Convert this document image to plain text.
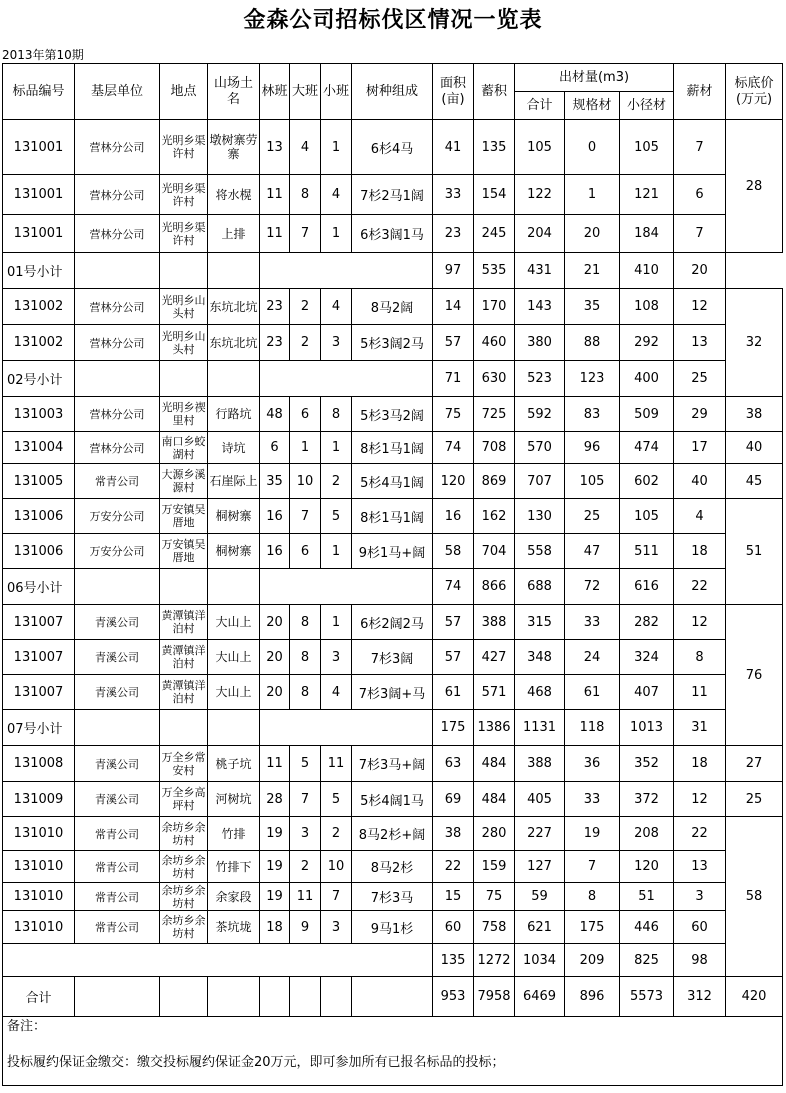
金森公司招标伐区情况一览表
2013年第10期
标品编号	基层单位	地点	山场土名	林班	大班	小班	树种组成	面积(亩)	蓄积	出材量(m3)			薪材	标底价(万元)
										合计	规格材	小径材		
131001	营林分公司	光明乡渠许村	墩树寨劳寨	13	4	1	6杉4马	41	135	105	0	105	7	28
131001	营林分公司	光明乡渠许村	将水榥	11	8	4	7杉2马1阔	33	154	122	1	121	6	
131001	营林分公司	光明乡渠许村	上排	11	7	1	6杉3阔1马	23	245	204	20	184	7	
01号小计								97	535	431	21	410	20	
131002	营林分公司	光明乡山头村	东坑北坑	23	2	4	8马2阔	14	170	143	35	108	12	32
131002	营林分公司	光明乡山头村	东坑北坑	23	2	3	5杉3阔2马	57	460	380	88	292	13	
02号小计								71	630	523	123	400	25	
131003	营林分公司	光明乡禊里村	行路坑	48	6	8	5杉3马2阔	75	725	592	83	509	29	38
131004	营林分公司	南口乡蛟湖村	诗坑	6	1	1	8杉1马1阔	74	708	570	96	474	17	40
131005	常青公司	大源乡溪源村	石崖际上	35	10	2	5杉4马1阔	120	869	707	105	602	40	45
131006	万安分公司	万安镇吴厝地	桐树寨	16	7	5	8杉1马1阔	16	162	130	25	105	4	51
131006	万安分公司	万安镇吴厝地	桐树寨	16	6	1	9杉1马+阔	58	704	558	47	511	18	
06号小计								74	866	688	72	616	22	
131007	青溪公司	黄潭镇洋泊村	大山上	20	8	1	6杉2阔2马	57	388	315	33	282	12	76
131007	青溪公司	黄潭镇洋泊村	大山上	20	8	3	7杉3阔	57	427	348	24	324	8	
131007	青溪公司	黄潭镇洋泊村	大山上	20	8	4	7杉3阔+马	61	571	468	61	407	11	
07号小计								175	1386	1131	118	1013	31	
131008	青溪公司	万全乡常安村	桃子坑	11	5	11	7杉3马+阔	63	484	388	36	352	18	27
131009	青溪公司	万全乡高坪村	河树坑	28	7	5	5杉4阔1马	69	484	405	33	372	12	25
131010	常青公司	余坊乡余坊村	竹排	19	3	2	8马2杉+阔	38	280	227	19	208	22	58
131010	常青公司	余坊乡余坊村	竹排下	19	2	10	8马2杉	22	159	127	7	120	13	
131010	常青公司	余坊乡余坊村	余家段	19	11	7	7杉3马	15	75	59	8	51	3	
131010	常青公司	余坊乡余坊村	茶坑垅	18	9	3	9马1杉	60	758	621	175	446	60	
								135	1272	1034	209	825	98	
合计								953	7958	6469	896	5573	312	420

备注：
投标履约保证金缴交：缴交投标履约保证金20万元，即可参加所有已报名标品的投标；														
